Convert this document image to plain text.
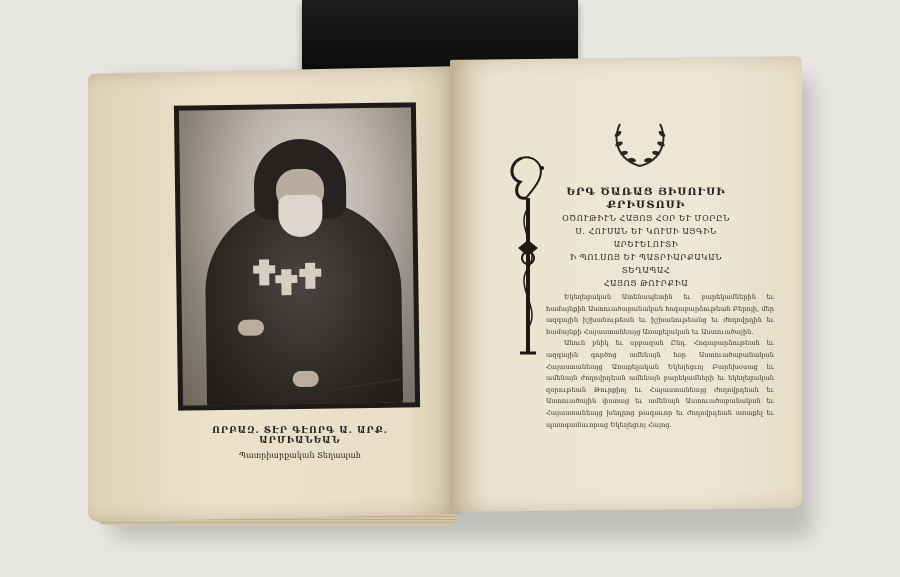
ՈՐԲԱԶ. ՏԷՐ ԳԷՈՐԳ Ա. ԱՐՔ. ԱՐՄԻԱՆԵԱՆ
Պատրիարքական Տեղապահ
ԵՐԳ ԾԱՌԱՑ ՅԻՍՈՒՍԻ ՔՐԻՍՏՈՍԻ
ՕԾՈՒԹԻՒՆ ՀԱՅՈՑ ՀՕՐ ԵՒ ՄՕՐԸՆ
Ս. ՀՈՒՍԱՆ ԵՒ ԿՈՒՍԻ ԱՅԳԻՆ ԱՐԵՒԵԼՈՒՏԻ
Ի ՊՈԼՍՈՅ ԵՒ ՊԱՏՐԻԱՐՔԱԿԱՆ ՏԵՂԱՊԱՀ
ՀԱՅՈՑ ԹՈՒՐՔԻԱ

Եկեղեցական Ատենապետին եւ բարեկամներին եւ համայնքին Աստուածաբանական հոգաբարձութեան Բերոյի, մեր ազգային իշխանութեան եւ իշխանութեանց եւ ժողովրդին եւ համայնքի Հայաստանեայց Առաքելական եւ Աստուածային.

Անուն բնիկ եւ սրբազան Ընդ. Հոգաբարձութեան եւ ազգային գործոց ամենայն հօր Աստուածաբանական Հայաստանեայց Առաքելական Եկեղեցւոյ Բարեխօսաց եւ ամենայն ժողովրդեան ամենայն բարեկամների եւ եկեղեցական զօրութեան Թուրքիոյ եւ Հայաստանեայց ժողովրդեան եւ Աստուածային փառաց եւ ամենայն Աստուածաբանական եւ Հայաստանեայց խնդրոց թագաւոր եւ ժողովրդեան առաքել եւ պատգամաւորաց Եկեղեցւոյ Հայոց.
